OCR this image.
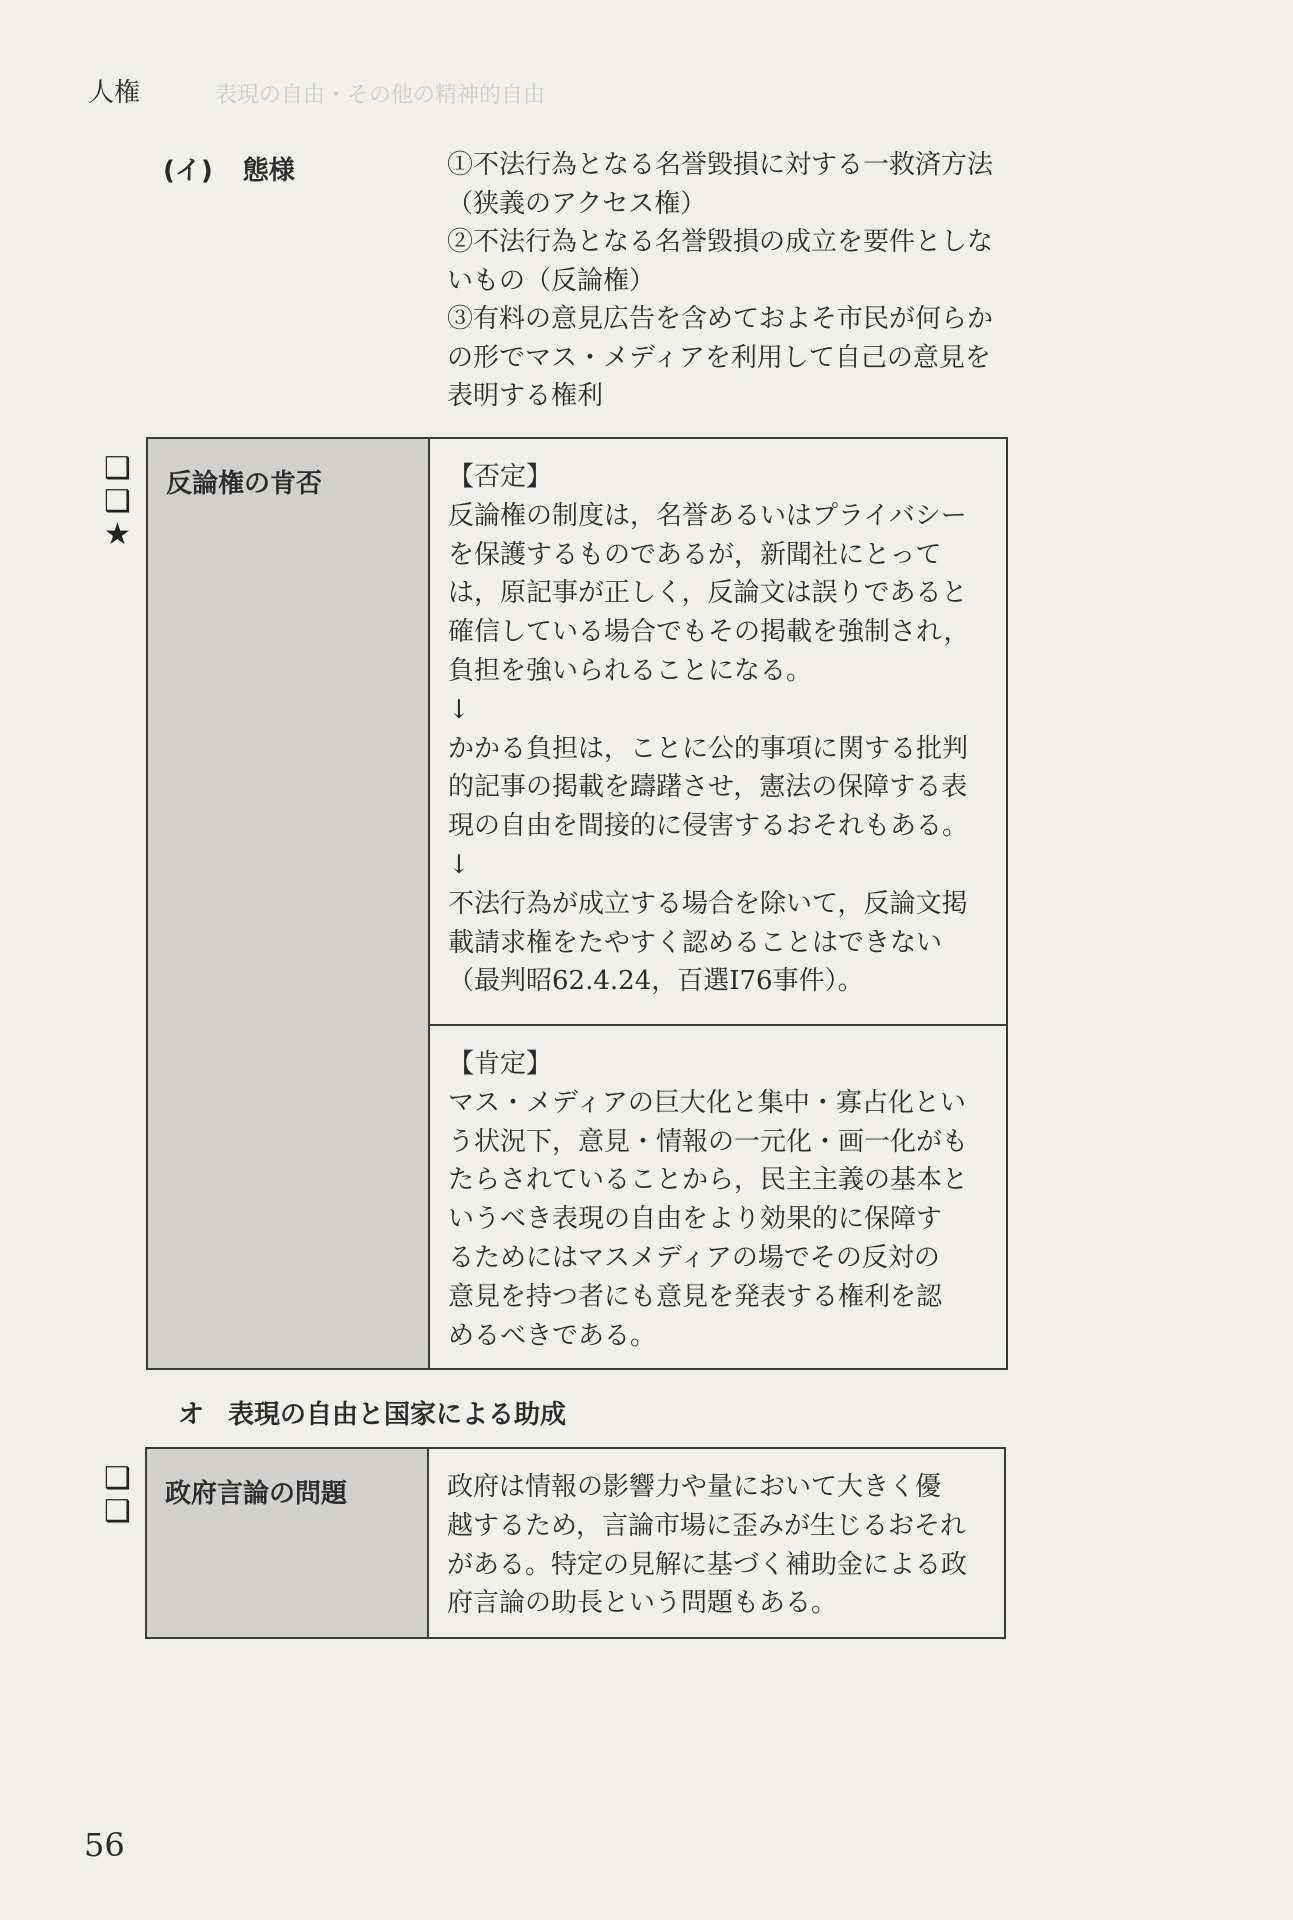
人権	表現の自由・その他の精神的自由
(イ) 態様	①不法行為となる名誉毀損に対する一救済方法（狭義のアクセス権）

②不法行為となる名誉毀損の成立を要件としないもの（反論権）

③有料の意見広告を含めておよそ市民が何らかの形でマス・メディアを利用して自己の意見を表明する権利

❑
❑
★
反論権の肯否	【否定】

反論権の制度は，名誉あるいはプライバシー

を保護するものであるが，新聞社にとって

は，原記事が正しく，反論文は誤りであると

確信している場合でもその掲載を強制され，

負担を強いられることになる。

↓

かかる負担は，ことに公的事項に関する批判

的記事の掲載を躊躇させ，憲法の保障する表

現の自由を間接的に侵害するおそれもある。

↓

不法行為が成立する場合を除いて，反論文掲

載請求権をたやすく認めることはできない

（最判昭62.4.24，百選Ⅰ76事件）。

【肯定】

マス・メディアの巨大化と集中・寡占化とい

う状況下，意見・情報の一元化・画一化がも

たらされていることから，民主主義の基本と

いうべき表現の自由をより効果的に保障す

るためにはマスメディアの場でその反対の

意見を持つ者にも意見を発表する権利を認

めるべきである。

オ 表現の自由と国家による助成
❑
❑ 政府言論の問題	政府は情報の影響力や量において大きく優

越するため，言論市場に歪みが生じるおそれ

がある。特定の見解に基づく補助金による政

府言論の助長という問題もある。

56
